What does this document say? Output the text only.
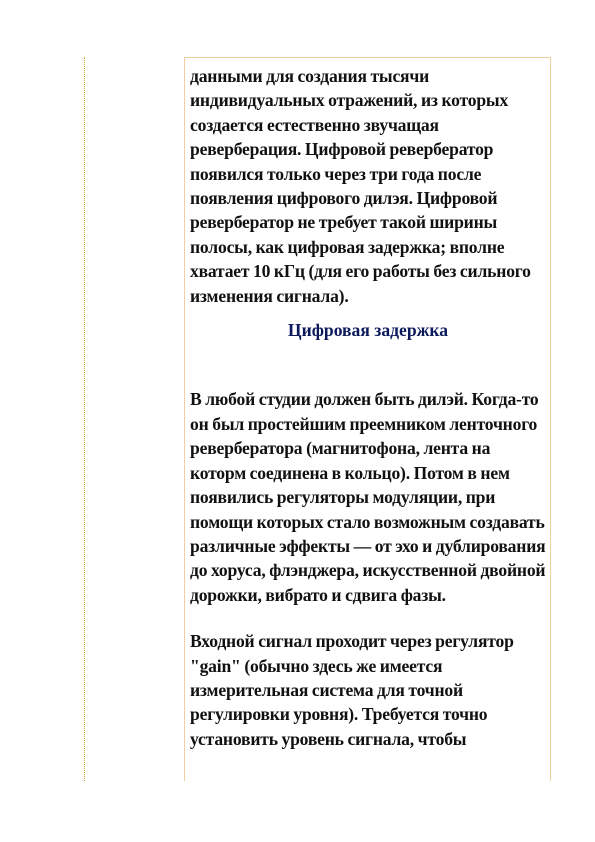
данными для создания тысячи индивидуальных отражений, из которых создается естественно звучащая реверберация. Цифровой ревербератор появился только через три года после появления цифрового дилэя. Цифровой ревербератор не требует такой ширины полосы, как цифровая задержка; вполне хватает 10 кГц (для его работы без сильного изменения сигнала).

Цифровая задержка

В любой студии должен быть дилэй. Когда-то он был простейшим преемником ленточного ревербератора (магнитофона, лента на которм соединена в кольцо). Потом в нем появились регуляторы модуляции, при помощи которых стало возможным создавать различные эффекты — от эхо и дублирования до хоруса, флэнджера, искусственной двойной дорожки, вибрато и сдвига фазы.

Входной сигнал проходит через регулятор "gain" (обычно здесь же имеется измерительная система для точной регулировки уровня). Требуется точно установить уровень сигнала, чтобы
